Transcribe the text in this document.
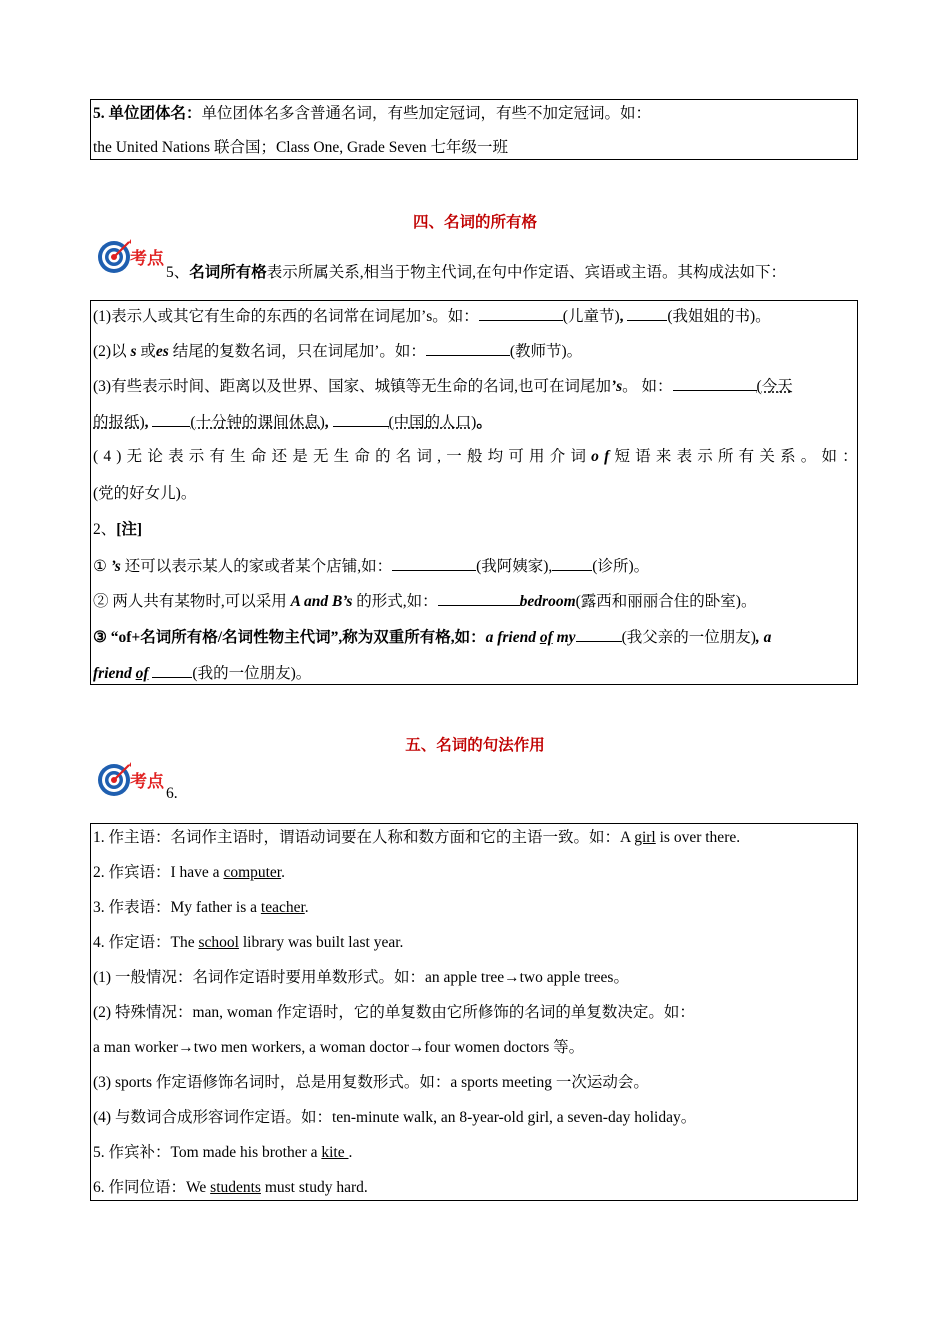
5. 单位团体名：单位团体名多含普通名词，有些加定冠词，有些不加定冠词。如：
the United Nations 联合国；Class One, Grade Seven 七年级一班
四、名词的所有格
考点
5、名词所有格表示所属关系,相当于物主代词,在句中作定语、宾语或主语。其构成法如下：
(1)表示人或其它有生命的东西的名词常在词尾加’s。如：	(儿童节),	(我姐姐的书)。
(2)以 s 或es 结尾的复数名词，只在词尾加’。如：	(教师节)。
(3)有些表示时间、距离以及世界、国家、城镇等无生命的名词,也可在词尾加’s。 如：	(今天
的报纸),	(十分钟的课间休息),	(中国的人口)。
(4)无论表示有生命还是无生命的名词,一般均可用介词of短语来表示所有关系。如：
(党的好女儿)。
2、[注]
① ’s 还可以表示某人的家或者某个店铺,如：	(我阿姨家),	(诊所)。
② 两人共有某物时,可以采用 A and B’s 的形式,如：	bedroom(露西和丽丽合住的卧室)。
③ “of+名词所有格/名词性物主代词”,称为双重所有格,如：a friend of my	(我父亲的一位朋友), a
friend of	(我的一位朋友)。
五、名词的句法作用
考点
6.
1. 作主语：名词作主语时，谓语动词要在人称和数方面和它的主语一致。如：A girl is over there.
2. 作宾语：I have a computer.
3. 作表语：My father is a teacher.
4. 作定语：The school library was built last year.
(1) 一般情况：名词作定语时要用单数形式。如：an apple tree→two apple trees。
(2) 特殊情况：man, woman 作定语时，它的单复数由它所修饰的名词的单复数决定。如：
a man worker→two men workers, a woman doctor→four women doctors 等。
(3) sports 作定语修饰名词时，总是用复数形式。如：a sports meeting 一次运动会。
(4) 与数词合成形容词作定语。如：ten-minute walk, an 8-year-old girl, a seven-day holiday。
5. 作宾补：Tom made his brother a kite .
6. 作同位语：We students must study hard.
